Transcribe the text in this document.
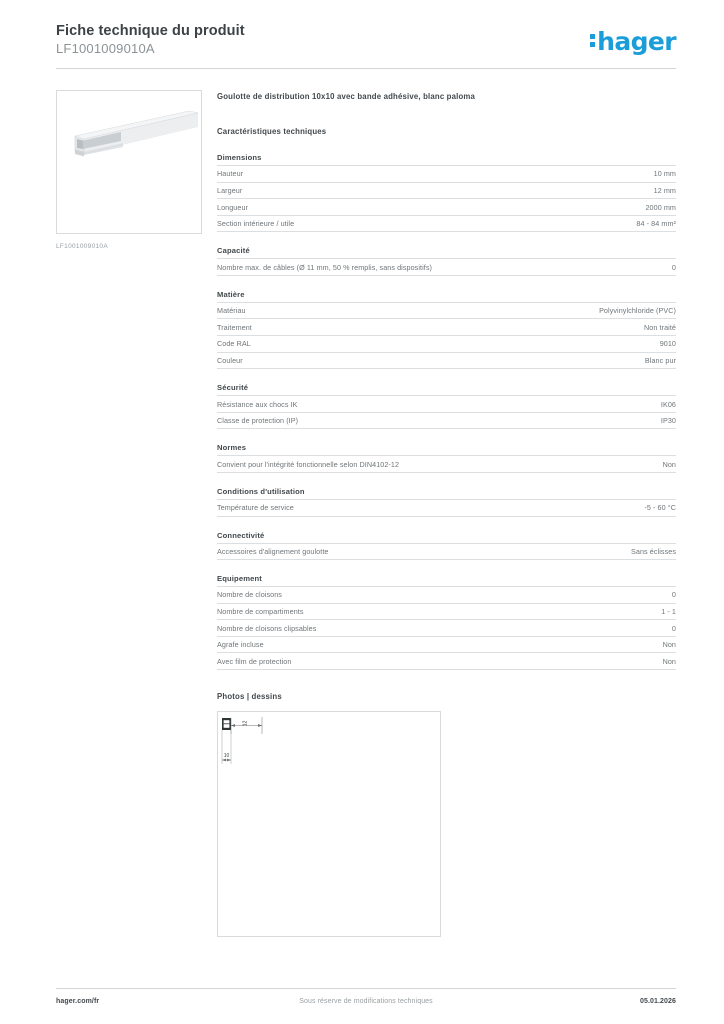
Fiche technique du produit
LF1001009010A	hager
LF1001009010A
Goulotte de distribution 10x10 avec bande adhésive, blanc paloma
Caractéristiques techniques
Dimensions
Hauteur	10 mm
Largeur	12 mm
Longueur	2000 mm
Section intérieure / utile	84 - 84 mm²
Capacité
Nombre max. de câbles (Ø 11 mm, 50 % remplis, sans dispositifs)	0
Matière
Matériau	Polyvinylchloride (PVC)
Traitement	Non traité
Code RAL	9010
Couleur	Blanc pur
Sécurité
Résistance aux chocs IK	IK06
Classe de protection (IP)	IP30
Normes
Convient pour l'intégrité fonctionnelle selon DIN4102-12	Non
Conditions d'utilisation
Température de service	-5 - 60 °C
Connectivité
Accessoires d'alignement goulotte	Sans éclisses
Equipement
Nombre de cloisons	0
Nombre de compartiments	1 - 1
Nombre de cloisons clipsables	0
Agrafe incluse	Non
Avec film de protection	Non
Photos | dessins
12
10
Sous réserve de modifications techniques
hager.com/fr	05.01.2026
